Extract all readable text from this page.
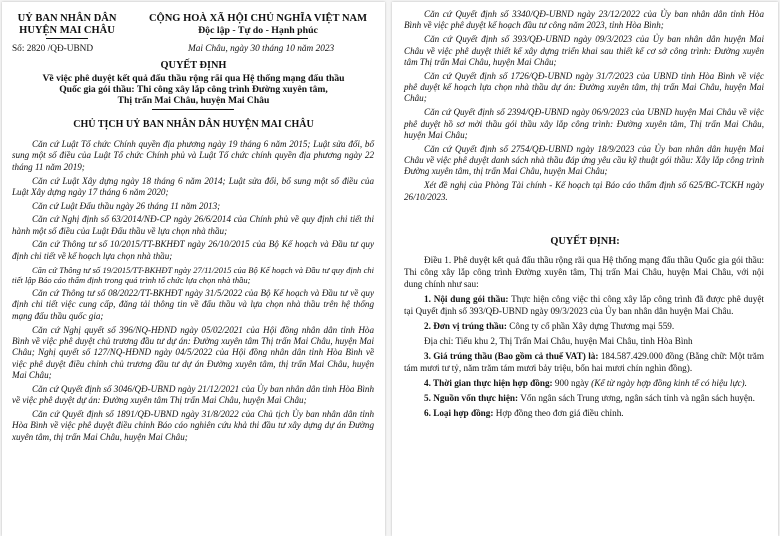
UỶ BAN NHÂN DÂN
HUYỆN MAI CHÂU
Số: 2820 /QĐ-UBND
CỘNG HOÀ XÃ HỘI CHỦ NGHĨA VIỆT NAM
Độc lập - Tự do - Hạnh phúc
Mai Châu, ngày 30 tháng 10 năm 2023
QUYẾT ĐỊNH
Về việc phê duyệt kết quả đấu thầu rộng rãi qua Hệ thống mạng đấu thầu
Quốc gia gói thầu: Thi công xây lắp công trình Đường xuyên tâm,
Thị trấn Mai Châu, huyện Mai Châu
CHỦ TỊCH UỶ BAN NHÂN DÂN HUYỆN MAI CHÂU

Căn cứ Luật Tổ chức Chính quyền địa phương ngày 19 tháng 6 năm 2015; Luật sửa đổi, bổ sung một số điều của Luật Tổ chức Chính phủ và Luật Tổ chức chính quyền địa phương ngày 22 tháng 11 năm 2019;

Căn cứ Luật Xây dựng ngày 18 tháng 6 năm 2014; Luật sửa đổi, bổ sung một số điều của Luật Xây dựng ngày 17 tháng 6 năm 2020;

Căn cứ Luật Đấu thầu ngày 26 tháng 11 năm 2013;

Căn cứ Nghị định số 63/2014/NĐ-CP ngày 26/6/2014 của Chính phủ về quy định chi tiết thi hành một số điều của Luật Đấu thầu về lựa chọn nhà thầu;

Căn cứ Thông tư số 10/2015/TT-BKHĐT ngày 26/10/2015 của Bộ Kế hoạch và Đầu tư quy định chi tiết về kế hoạch lựa chọn nhà thầu;

Căn cứ Thông tư số 19/2015/TT-BKHĐT ngày 27/11/2015 của Bộ Kế hoạch và Đầu tư quy định chi tiết lập Báo cáo thẩm định trong quá trình tổ chức lựa chọn nhà thầu;

Căn cứ Thông tư số 08/2022/TT-BKHĐT ngày 31/5/2022 của Bộ Kế hoạch và Đầu tư về quy định chi tiết việc cung cấp, đăng tải thông tin về đấu thầu và lựa chọn nhà thầu trên hệ thống mạng đấu thầu quốc gia;

Căn cứ Nghị quyết số 396/NQ-HĐND ngày 05/02/2021 của Hội đồng nhân dân tỉnh Hòa Bình về việc phê duyệt chủ trương đầu tư dự án: Đường xuyên tâm Thị trấn Mai Châu, huyện Mai Châu; Nghị quyết số 127/NQ-HĐND ngày 04/5/2022 của Hội đồng nhân dân tỉnh Hòa Bình về việc phê duyệt điều chỉnh chủ trương đầu tư dự án Đường xuyên tâm, thị trấn Mai Châu, huyện Mai Châu;

Căn cứ Quyết định số 3046/QĐ-UBND ngày 21/12/2021 của Ủy ban nhân dân tỉnh Hòa Bình về việc phê duyệt dự án: Đường xuyên tâm Thị trấn Mai Châu, huyện Mai Châu;

Căn cứ Quyết định số 1891/QĐ-UBND ngày 31/8/2022 của Chủ tịch Ủy ban nhân dân tỉnh Hòa Bình về việc phê duyệt điều chỉnh Báo cáo nghiên cứu khả thi đầu tư xây dựng dự án Đường xuyên tâm, thị trấn Mai Châu, huyện Mai Châu;

Căn cứ Quyết định số 3340/QĐ-UBND ngày 23/12/2022 của Ủy ban nhân dân tỉnh Hòa Bình về việc phê duyệt kế hoạch đầu tư công năm 2023, tỉnh Hòa Bình;

Căn cứ Quyết định số 393/QĐ-UBND ngày 09/3/2023 của Ủy ban nhân dân huyện Mai Châu về việc phê duyệt thiết kế xây dựng triển khai sau thiết kế cơ sở công trình: Đường xuyên tâm Thị trấn Mai Châu, huyện Mai Châu;

Căn cứ Quyết định số 1726/QĐ-UBND ngày 31/7/2023 của UBND tỉnh Hòa Bình về việc phê duyệt kế hoạch lựa chọn nhà thầu dự án: Đường xuyên tâm, thị trấn Mai Châu, huyện Mai Châu;

Căn cứ Quyết định số 2394/QĐ-UBND ngày 06/9/2023 của UBND huyện Mai Châu về việc phê duyệt hồ sơ mời thầu gói thầu xây lắp công trình: Đường xuyên tâm, Thị trấn Mai Châu, huyện Mai Châu;

Căn cứ Quyết định số 2754/QĐ-UBND ngày 18/9/2023 của Ủy ban nhân dân huyện Mai Châu về việc phê duyệt danh sách nhà thầu đáp ứng yêu cầu kỹ thuật gói thầu: Xây lắp công trình Đường xuyên tâm, thị trấn Mai Châu, huyện Mai Châu;

Xét đề nghị của Phòng Tài chính - Kế hoạch tại Báo cáo thẩm định số 625/BC-TCKH ngày 26/10/2023.

QUYẾT ĐỊNH:

Điều 1. Phê duyệt kết quả đấu thầu rộng rãi qua Hệ thống mạng đấu thầu Quốc gia gói thầu: Thi công xây lắp công trình Đường xuyên tâm, Thị trấn Mai Châu, huyện Mai Châu, với nội dung chính như sau:

1. Nội dung gói thầu: Thực hiện công việc thi công xây lắp công trình đã được phê duyệt tại Quyết định số 393/QĐ-UBND ngày 09/3/2023 của Ủy ban nhân dân huyện Mai Châu.

2. Đơn vị trúng thầu: Công ty cổ phần Xây dựng Thương mại 559.

Địa chỉ: Tiểu khu 2, Thị Trấn Mai Châu, huyện Mai Châu, tỉnh Hòa Bình

3. Giá trúng thầu (Bao gồm cả thuế VAT) là: 184.587.429.000 đồng (Bằng chữ: Một trăm tám mươi tư tỷ, năm trăm tám mươi bảy triệu, bốn hai mươi chín nghìn đồng).

4. Thời gian thực hiện hợp đồng: 900 ngày (Kể từ ngày hợp đồng kinh tế có hiệu lực).

5. Nguồn vốn thực hiện: Vốn ngân sách Trung ương, ngân sách tỉnh và ngân sách huyện.

6. Loại hợp đồng: Hợp đồng theo đơn giá điều chỉnh.
